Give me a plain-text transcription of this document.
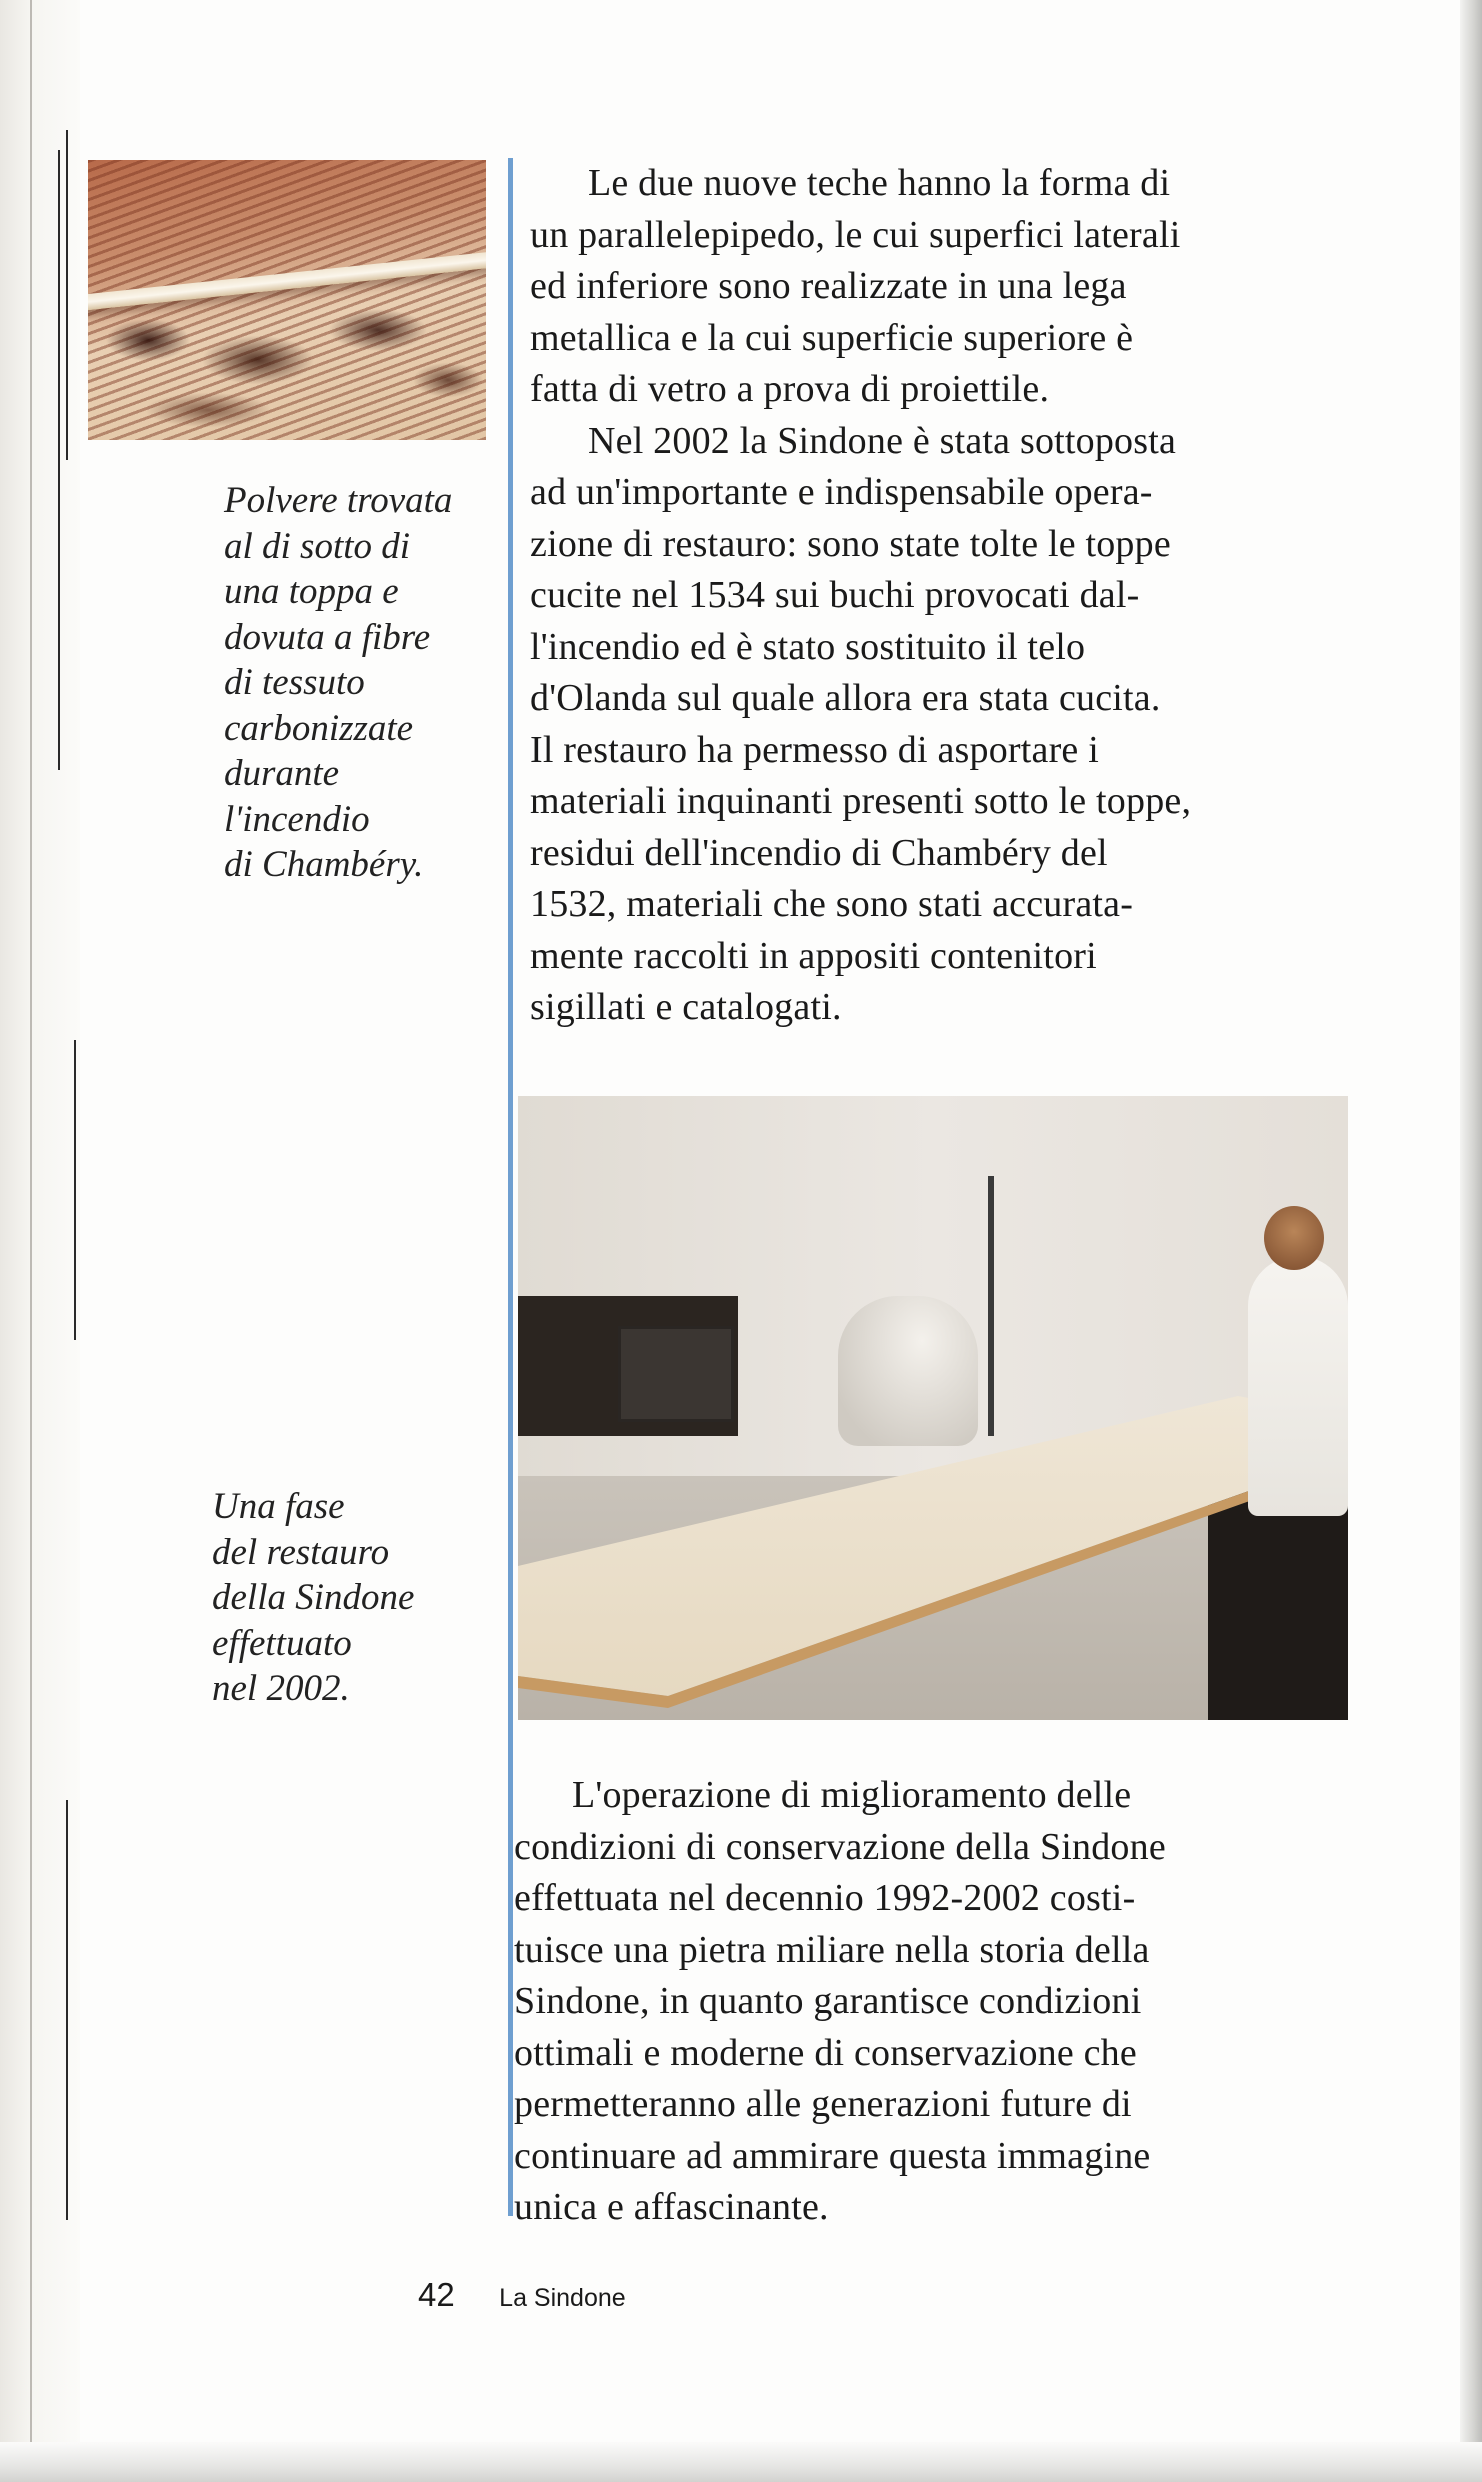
Polvere trovata
al di sotto di
una toppa e
dovuta a fibre
di tessuto
carbonizzate
durante
l'incendio
di Chambéry.

Le due nuove teche hanno la forma di
un parallelepipedo, le cui superfici laterali
ed inferiore sono realizzate in una lega
metallica e la cui superficie superiore è
fatta di vetro a prova di proiettile.

Nel 2002 la Sindone è stata sottoposta
ad un'importante e indispensabile opera-
zione di restauro: sono state tolte le toppe
cucite nel 1534 sui buchi provocati dal-
l'incendio ed è stato sostituito il telo
d'Olanda sul quale allora era stata cucita.
Il restauro ha permesso di asportare i
materiali inquinanti presenti sotto le toppe,
residui dell'incendio di Chambéry del
1532, materiali che sono stati accurata-
mente raccolti in appositi contenitori
sigillati e catalogati.

Una fase
del restauro
della Sindone
effettuato
nel 2002.

L'operazione di miglioramento delle
condizioni di conservazione della Sindone
effettuata nel decennio 1992-2002 costi-
tuisce una pietra miliare nella storia della
Sindone, in quanto garantisce condizioni
ottimali e moderne di conservazione che
permetteranno alle generazioni future di
continuare ad ammirare questa immagine
unica e affascinante.

42 La Sindone
